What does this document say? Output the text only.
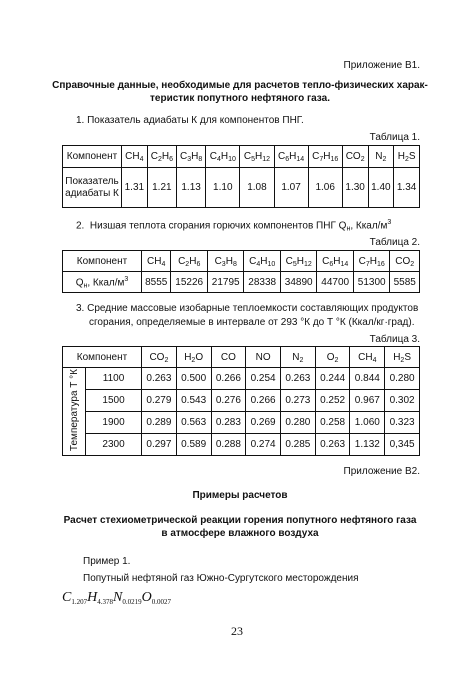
Приложение В1.
Справочные данные, необходимые для расчетов тепло-физических харак-
теристик попутного нефтяного газа.
1. Показатель адиабаты К для компонентов ПНГ.
Таблица 1.
Компонент	$CH_4$	$C_2H_6$	$C_3H_8$	$C_4H_{10}$	$C_5H_{12}$	$C_6H_{14}$	$C_7H_{16}$	$CO_2$	$N_2$	$H_2S$

Показатель
адиабаты К	1.31	1.21	1.13	1.10	1.08	1.07	1.06	1.30	1.40	1.34
2.  Низшая теплота сгорания горючих компонентов ПНГ $Q_н$, Ккал/$м^3$
Таблица 2.
Компонент	$CH_4$	$C_2H_6$	$C_3H_8$	$C_4H_{10}$	$C_5H_{12}$	$C_6H_{14}$	$C_7H_{16}$	$CO_2$
$Q_н$, Ккал/$м^3$	8555	15226	21795	28338	34890	44700	51300	5585
3. Средние массовые изобарные теплоемкости составляющих продуктов
сгорания, определяемые в интервале от 293 °К до Т °К (Ккал/кг·град).
Таблица 3.
Компонент		$CO_2$	$H_2O$	CO	NO	$N_2$	$O_2$	$CH_4$	$H_2S$
Температура Т °К	1100	0.263	0.500	0.266	0.254	0.263	0.244	0.844	0.280
	1500	0.279	0.543	0.276	0.266	0.273	0.252	0.967	0.302
	1900	0.289	0.563	0.283	0.269	0.280	0.258	1.060	0.323
	2300	0.297	0.589	0.288	0.274	0.285	0.263	1.132	0,345
Приложение В2.
Примеры расчетов
Расчет стехиометрической реакции горения попутного нефтяного газа
в атмосфере влажного воздуха
Пример 1.
Попутный нефтяной газ Южно-Сургутского месторождения
$C_{1.207}H_{4.378}N_{0.0219}O_{0.0027}$
23
